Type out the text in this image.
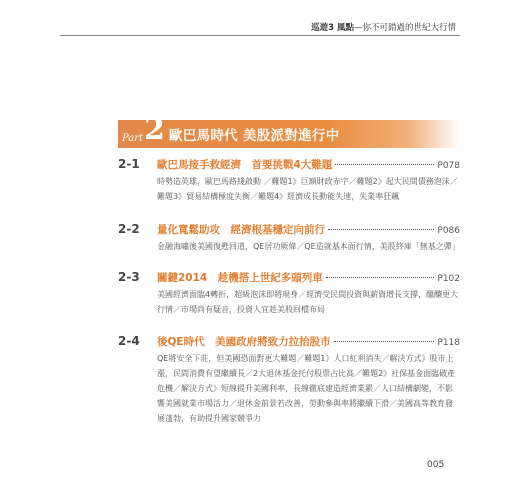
巡遊3 風點—你不可錯過的世紀大行情
Part 2 歐巴馬時代 美股派對進行中
2-1 歐巴馬接手救經濟　首要挑戰4大難題	P078
時勢造英雄，歐巴馬路綫啟動 ／難題1》巨額財政赤字／難題2》起大民間債務泡沫／難題3》貿易結構極度失衡／難題4》經濟成長動能失速，失業率狂飆
2-2 量化寬鬆助攻　經濟根基穩定向前行	P086
金融海嘯後美國復甦回道，QE居功厥偉／QE造就基本面行情，美股終庫「無基之彈」
2-3 關鍵2014　趁機搭上世紀多頭列車	P102
美國經濟面臨4轉折，超級泡沫即將現身／經濟受民間投資與薪資增長支撐，醞釀更大行情／市場尚有疑音，投資人宜趁美股回檔布局
2-4 後QE時代　美國政府將致力拉抬股市	P118
QE將安全下莊，但美國恐面對更大難題／難題1》人口紅利消失／解決方式》股市上漲，民間消費有望繼續長／2大退休基金托付股票占比高／難題2》社保基金面臨破產危機／解決方式》短線提升美國利率，長線徹底建造經濟業累／人口結構劇變，不影響美國就業市場活力／退休金前景若改善，勞動參與率將繼續下滑／美國高等教育發展蓬勃，有助提升國家競爭力
005
